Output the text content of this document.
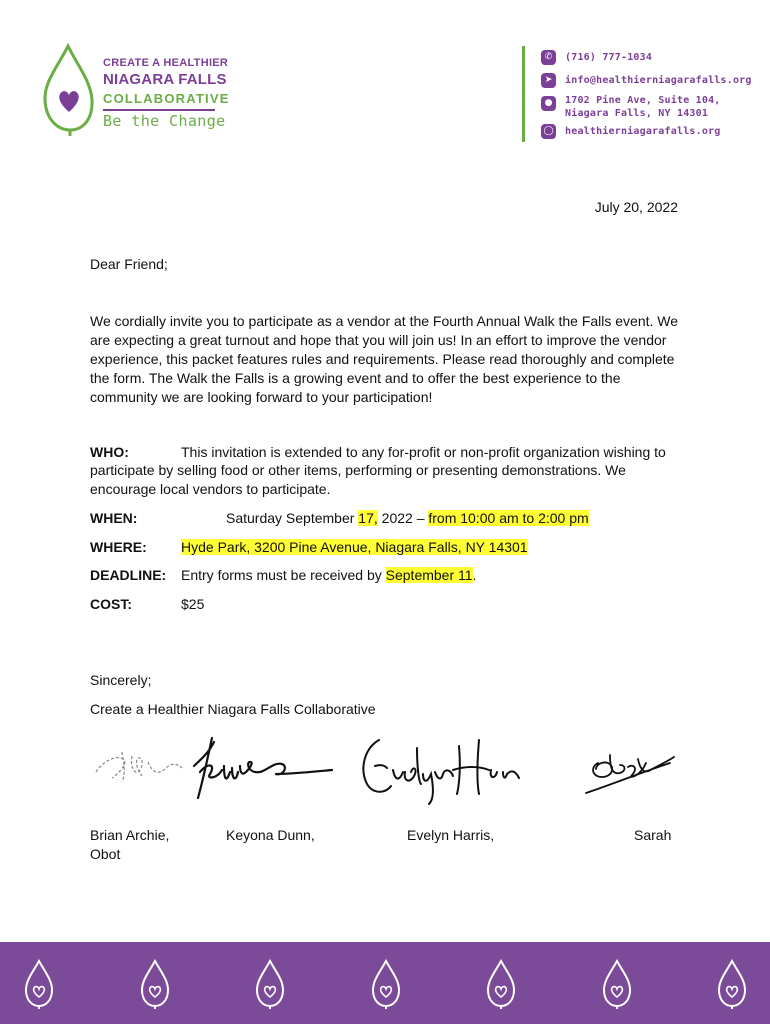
CREATE A HEALTHIER
NIAGARA FALLS
COLLABORATIVE
Be the Change
✆	(716) 777-1034
➤	info@healthierniagarafalls.org
●	1702 Pine Ave, Suite 104,
Niagara Falls, NY 14301
◯ healthierniagarafalls.org
July 20, 2022
Dear Friend;
We cordially invite you to participate as a vendor at the Fourth Annual Walk the Falls event. We
are expecting a great turnout and hope that you will join us! In an effort to improve the vendor
experience, this packet features rules and requirements. Please read thoroughly and complete
the form. The Walk the Falls is a growing event and to offer the best experience to the
community we are looking forward to your participation!
WHO:	This invitation is extended to any for-profit or non-profit organization wishing to
participate by selling food or other items, performing or presenting demonstrations. We
encourage local vendors to participate.
WHEN:	Saturday September 17, 2022 – from 10:00 am to 2:00 pm
WHERE: Hyde Park, 3200 Pine Avenue, Niagara Falls, NY 14301
DEADLINE: Entry forms must be received by September 11.
COST:	$25
Sincerely;
Create a Healthier Niagara Falls Collaborative
Brian Archie,	Keyona Dunn,	Evelyn Harris,	Sarah
Obot
